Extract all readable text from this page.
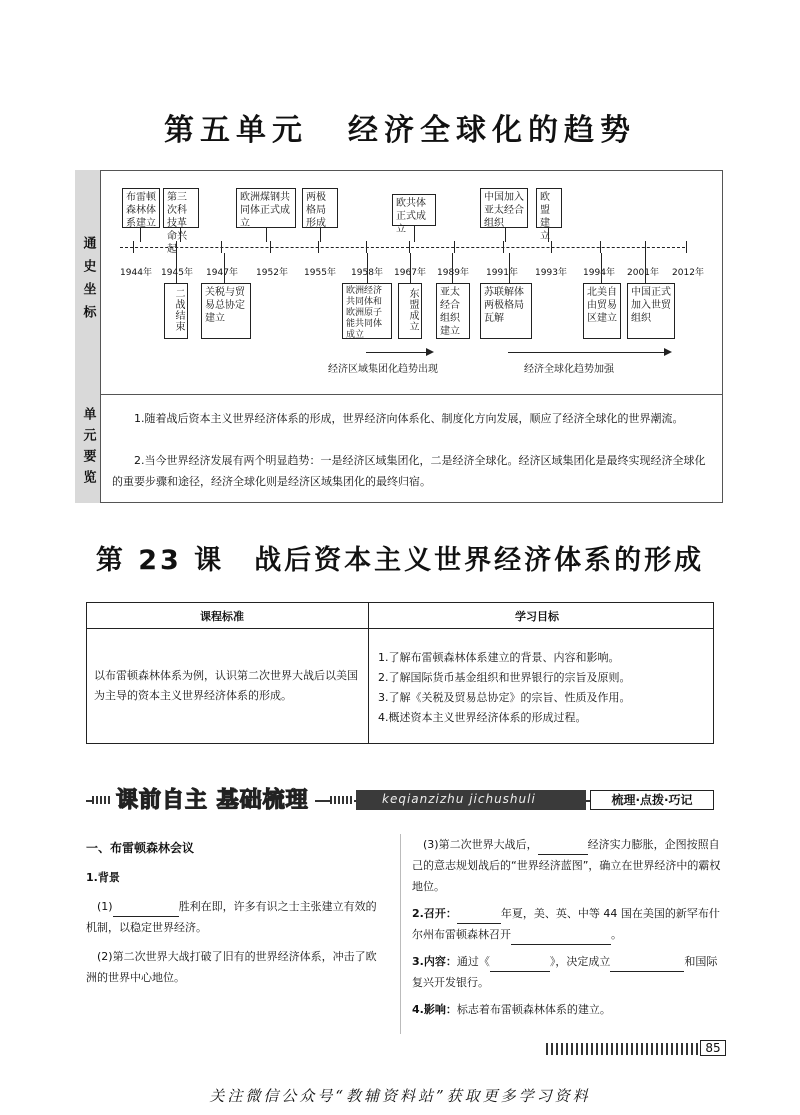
第五单元 经济全球化的趋势
通史坐标
单元要览
布雷顿森林体系建立
第三次科技革命兴起
欧洲煤钢共同体正式成立
两极格局形成
欧共体正式成立
中国加入亚太经合组织
欧盟建立
1944年 1945年 1947年 1952年 1955年 1958年 1967年 1989年 1991年 1993年 1994年 2001年 2012年
二战结束	关税与贸易总协定建立
欧洲经济共同体和欧洲原子能共同体成立
东盟成立	亚太经合组织建立
苏联解体两极格局瓦解
北美自由贸易区建立
中国正式加入世贸组织
经济区域集团化趋势出现	经济全球化趋势加强
1.随着战后资本主义世界经济体系的形成，世界经济向体系化、制度化方向发展，顺应了经济全球化的世界潮流。
2.当今世界经济发展有两个明显趋势：一是经济区域集团化，二是经济全球化。经济区域集团化是最终实现经济全球化的重要步骤和途径，经济全球化则是经济区域集团化的最终归宿。
第 23 课 战后资本主义世界经济体系的形成
课程标准	学习目标
以布雷顿森林体系为例，认识第二次世界大战后以美国为主导的资本主义世界经济体系的形成。
1.了解布雷顿森林体系建立的背景、内容和影响。
2.了解国际货币基金组织和世界银行的宗旨及原则。
3.了解《关税及贸易总协定》的宗旨、性质及作用。
4.概述资本主义世界经济体系的形成过程。
课前自主 基础梳理	keqianzizhu jichushuli	梳理·点拨·巧记

一、布雷顿森林会议

1.背景

(1)	胜利在即，许多有识之士主张建立有效的机制，以稳定世界经济。

(2)第二次世界大战打破了旧有的世界经济体系，冲击了欧洲的世界中心地位。

(3)第二次世界大战后，	经济实力膨胀，企图按照自己的意志规划战后的“世界经济蓝图”，确立在世界经济中的霸权地位。

2.召开：	年夏，美、英、中等 44 国在美国的新罕布什尔州布雷顿森林召开	。

3.内容：通过《	》，决定成立	和国际复兴开发银行。

4.影响：标志着布雷顿森林体系的建立。

85
关注微信公众号“教辅资料站”获取更多学习资料
